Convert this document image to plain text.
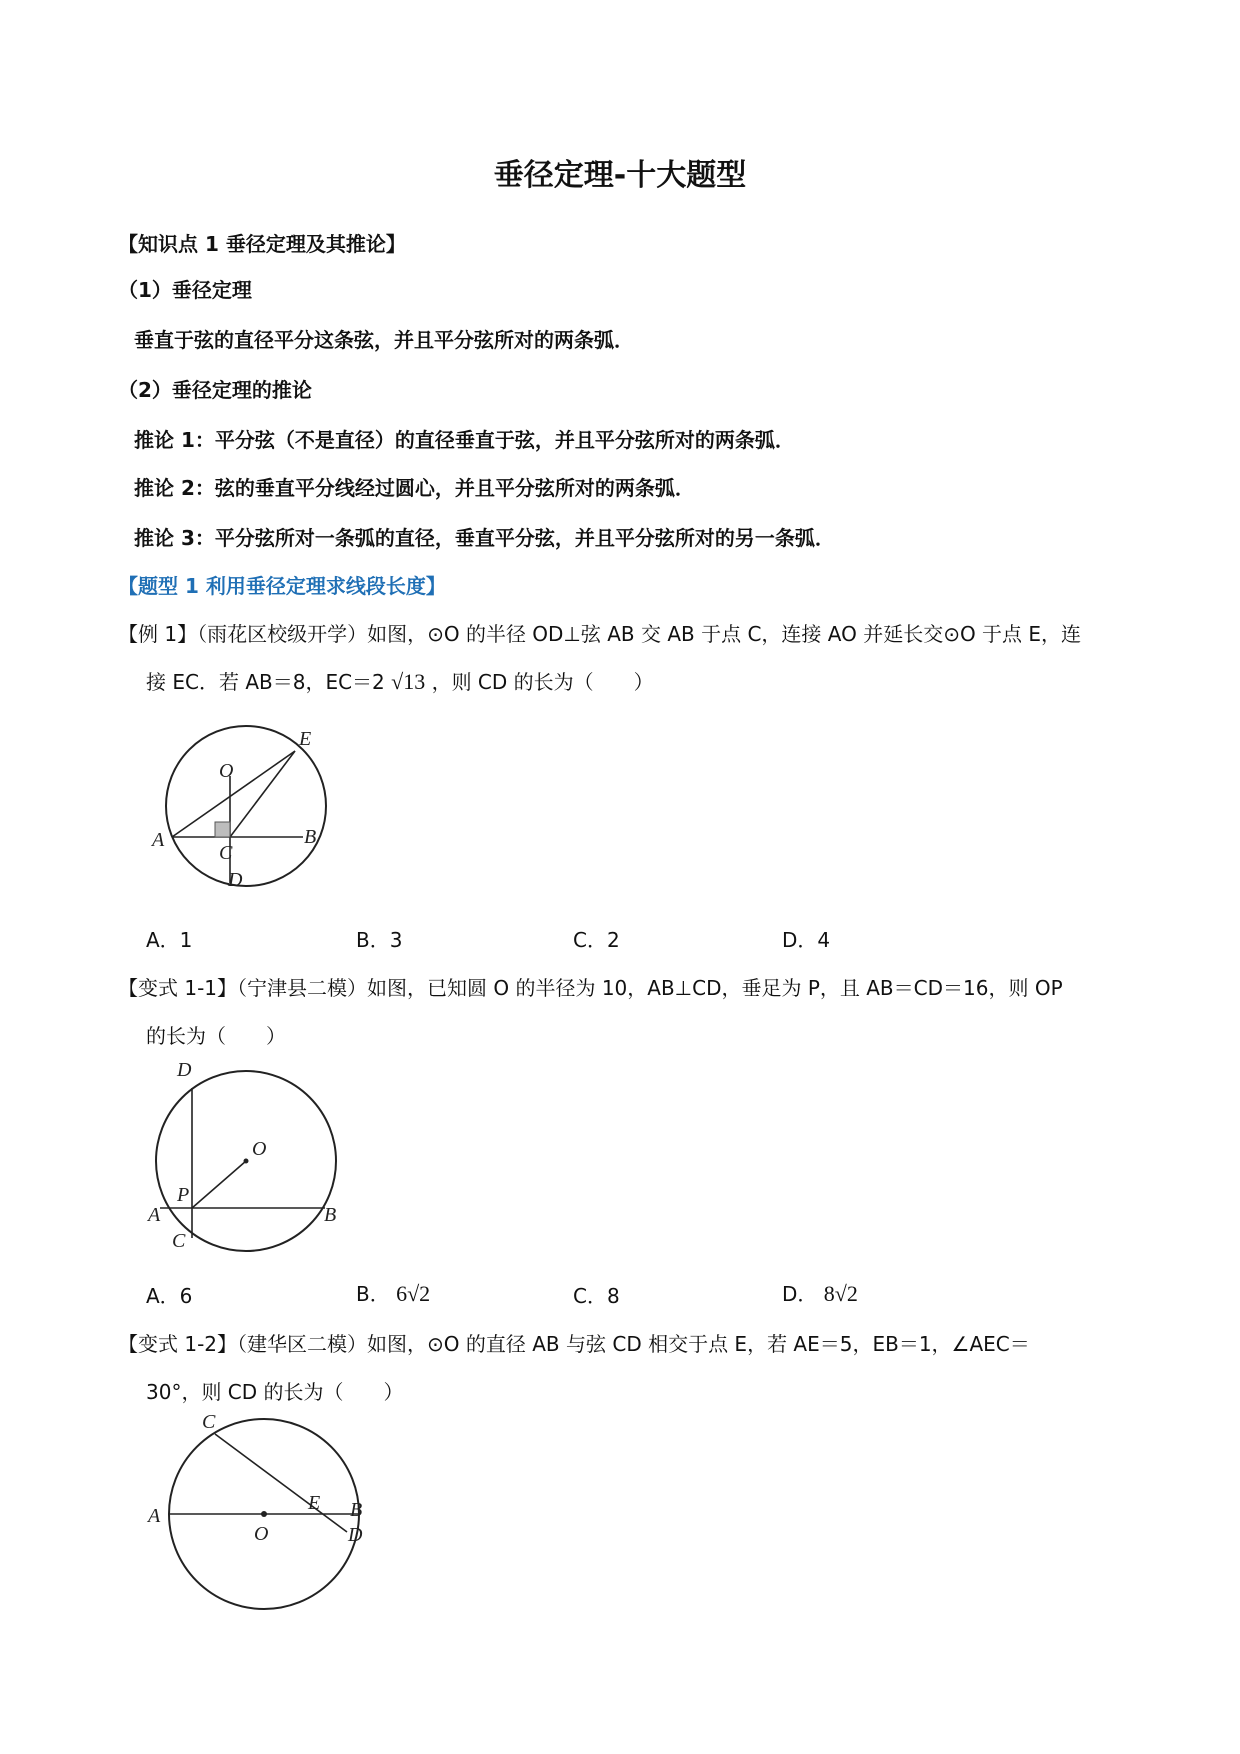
垂径定理-十大题型
【知识点 1 垂径定理及其推论】
（1）垂径定理
垂直于弦的直径平分这条弦，并且平分弦所对的两条弧．
（2）垂径定理的推论
推论 1：平分弦（不是直径）的直径垂直于弦，并且平分弦所对的两条弧．
推论 2：弦的垂直平分线经过圆心，并且平分弦所对的两条弧．
推论 3：平分弦所对一条弧的直径，垂直平分弦，并且平分弦所对的另一条弧．
【题型 1 利用垂径定理求线段长度】
【例 1】（雨花区校级开学）如图，⊙O 的半径 OD⊥弦 AB 交 AB 于点 C，连接 AO 并延长交⊙O 于点 E，连
接 EC．若 AB＝8，EC＝2 √13 ，则 CD 的长为（　　）
E
O
A
C
B
D
A．1	B．3	C．2	D．4
【变式 1-1】（宁津县二模）如图，已知圆 O 的半径为 10，AB⊥CD，垂足为 P，且 AB＝CD＝16，则 OP
的长为（　　）
D
O
P
A	B
C
A．6	B． 6√2	C．8	D． 8√2
【变式 1-2】（建华区二模）如图，⊙O 的直径 AB 与弦 CD 相交于点 E，若 AE＝5，EB＝1，∠AEC＝
30°，则 CD 的长为（　　）
C
A
E B
O	D
